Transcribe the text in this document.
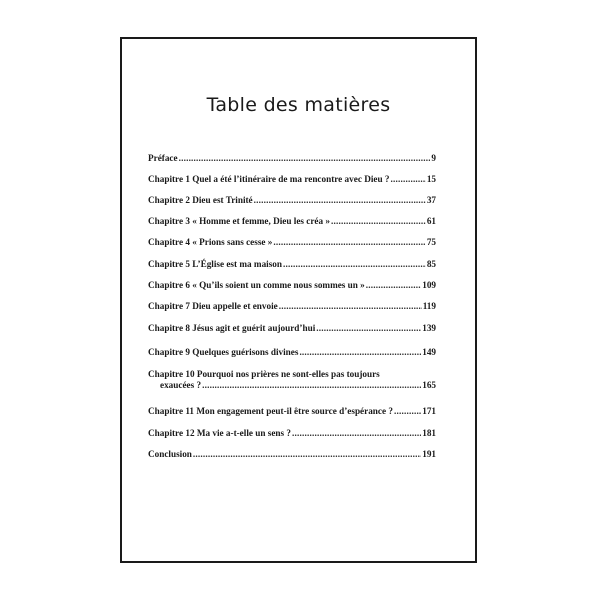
Table des matières
Préface .....	9
Chapitre 1 Quel a été l’itinéraire de ma rencontre avec Dieu ? .....	15
Chapitre 2 Dieu est Trinité .....	37
Chapitre 3 « Homme et femme, Dieu les créa » .....	61
Chapitre 4 « Prions sans cesse » .....	75
Chapitre 5 L’Église est ma maison .....	85
Chapitre 6 « Qu’ils soient un comme nous sommes un » .....	109
Chapitre 7 Dieu appelle et envoie .....	119
Chapitre 8 Jésus agit et guérit aujourd’hui .....	139
Chapitre 9 Quelques guérisons divines .....	149
Chapitre 10 Pourquoi nos prières ne sont-elles pas toujours
exaucées ? .....	165
Chapitre 11 Mon engagement peut-il être source d’espérance ? .....	171
Chapitre 12 Ma vie a-t-elle un sens ? .....	181
Conclusion .....	191
